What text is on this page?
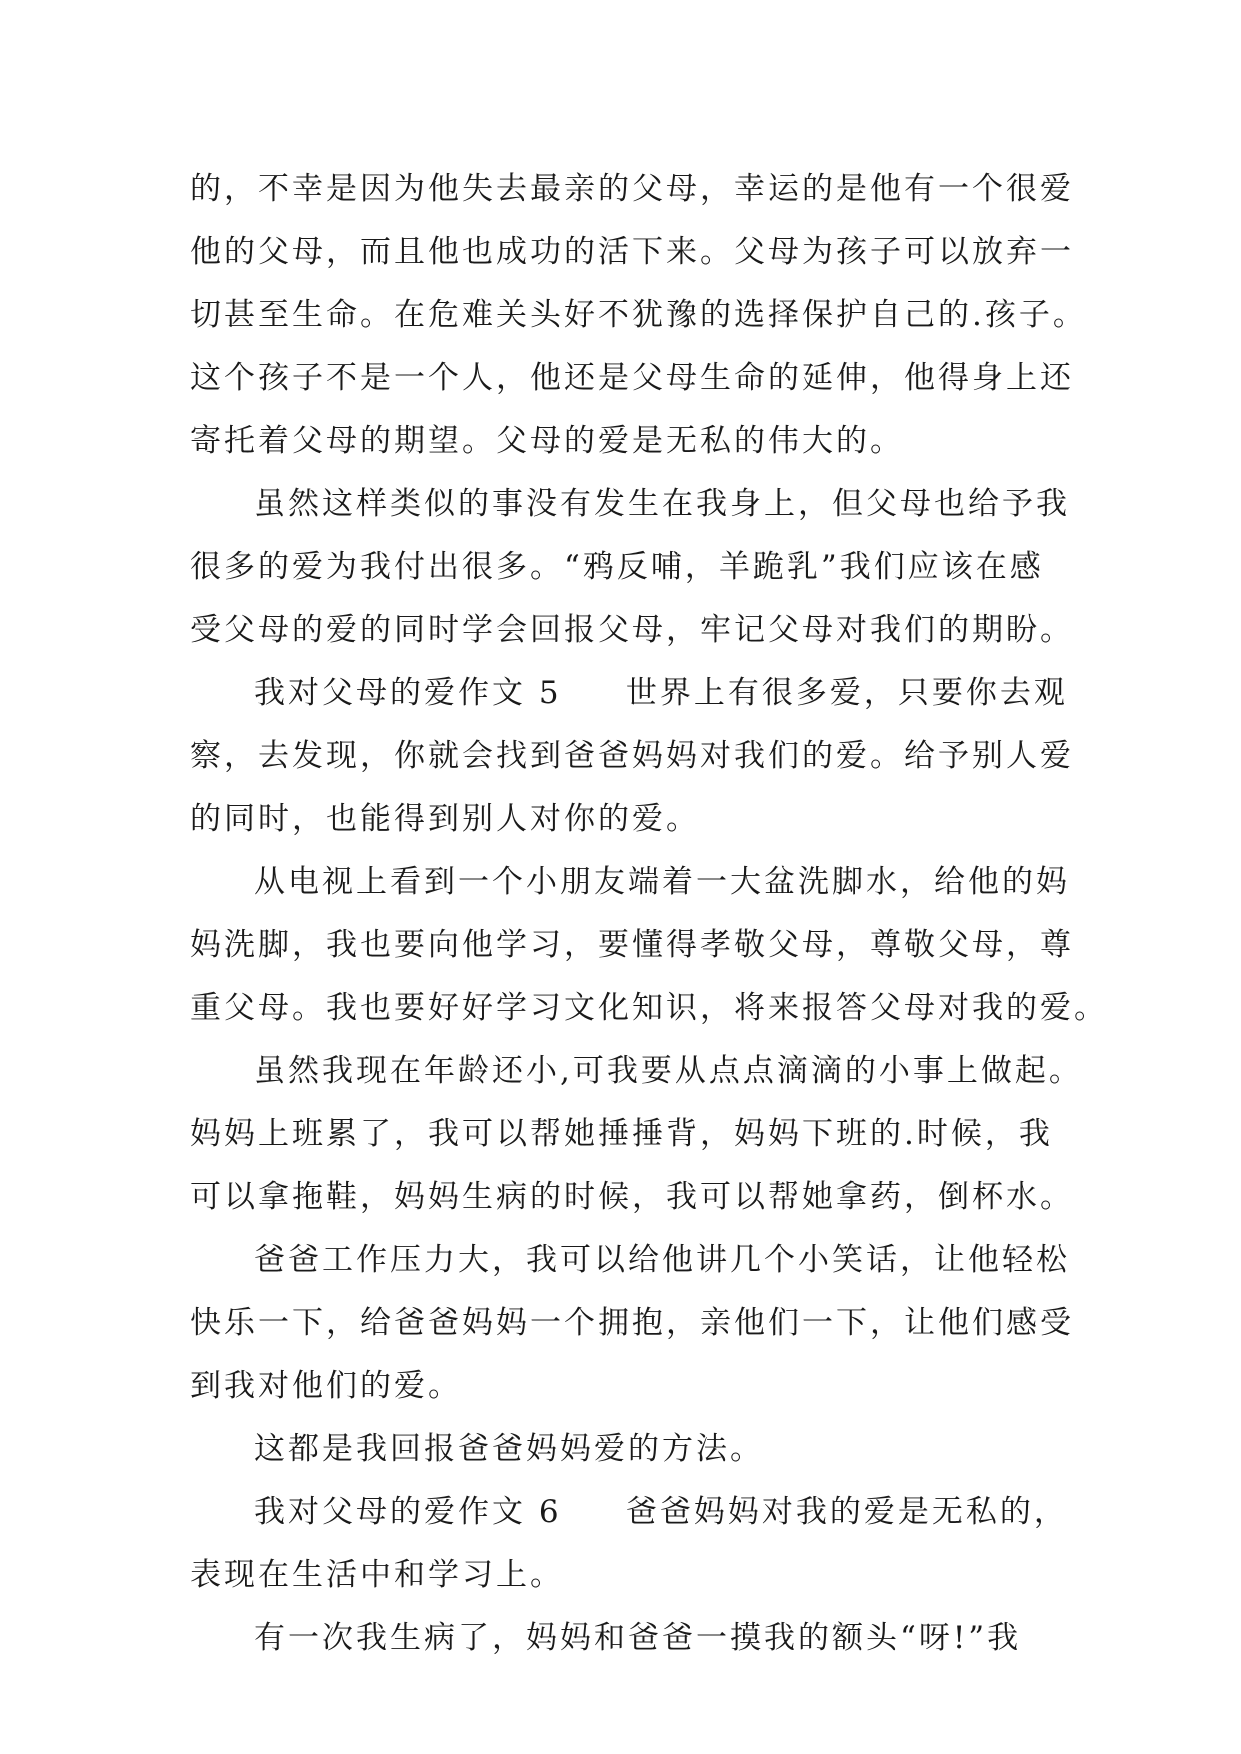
的，不幸是因为他失去最亲的父母，幸运的是他有一个很爱
他的父母，而且他也成功的活下来。父母为孩子可以放弃一
切甚至生命。在危难关头好不犹豫的选择保护自己的.孩子。
这个孩子不是一个人，他还是父母生命的延伸，他得身上还
寄托着父母的期望。父母的爱是无私的伟大的。
虽然这样类似的事没有发生在我身上，但父母也给予我
很多的爱为我付出很多。“鸦反哺，羊跪乳”我们应该在感
受父母的爱的同时学会回报父母，牢记父母对我们的期盼。
我对父母的爱作文 5     世界上有很多爱，只要你去观
察，去发现，你就会找到爸爸妈妈对我们的爱。给予别人爱
的同时，也能得到别人对你的爱。
从电视上看到一个小朋友端着一大盆洗脚水，给他的妈
妈洗脚，我也要向他学习，要懂得孝敬父母，尊敬父母，尊
重父母。我也要好好学习文化知识，将来报答父母对我的爱。
虽然我现在年龄还小,可我要从点点滴滴的小事上做起。
妈妈上班累了，我可以帮她捶捶背，妈妈下班的.时候，我
可以拿拖鞋，妈妈生病的时候，我可以帮她拿药，倒杯水。
爸爸工作压力大，我可以给他讲几个小笑话，让他轻松
快乐一下，给爸爸妈妈一个拥抱，亲他们一下，让他们感受
到我对他们的爱。
这都是我回报爸爸妈妈爱的方法。
我对父母的爱作文 6     爸爸妈妈对我的爱是无私的，
表现在生活中和学习上。
有一次我生病了，妈妈和爸爸一摸我的额头“呀!”我
